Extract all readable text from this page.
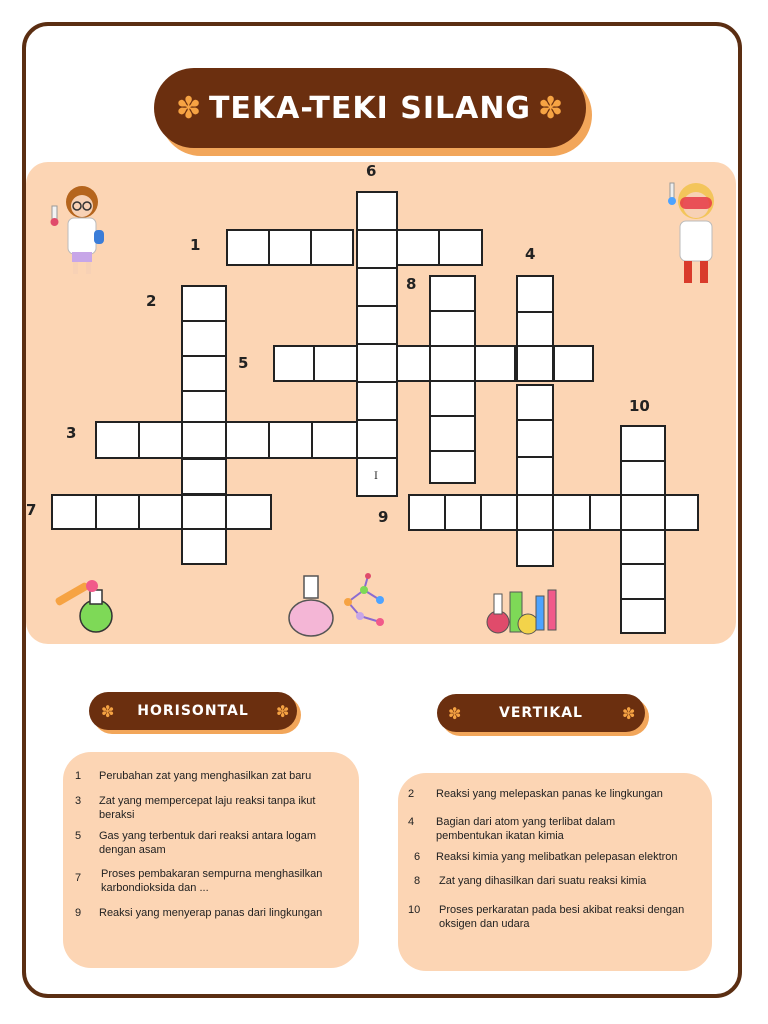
TEKA-TEKI SILANG
✽	✽
1
2
3
4
5
6
7
8
9
10
I
HORISONTAL
✽	✽	VERTIKAL
✽	✽
1	Perubahan zat yang menghasilkan zat baru
3	Zat yang mempercepat laju reaksi tanpa ikut beraksi
5	Gas yang terbentuk dari reaksi antara logam dengan asam
7	Proses pembakaran sempurna menghasilkan karbondioksida dan ...
9	Reaksi yang menyerap panas dari lingkungan
2	Reaksi yang melepaskan panas ke lingkungan
4	Bagian dari atom yang terlibat dalam pembentukan ikatan kimia
6	Reaksi kimia yang melibatkan pelepasan elektron
8	Zat yang dihasilkan dari suatu reaksi kimia
10	Proses perkaratan pada besi akibat reaksi dengan oksigen dan udara
